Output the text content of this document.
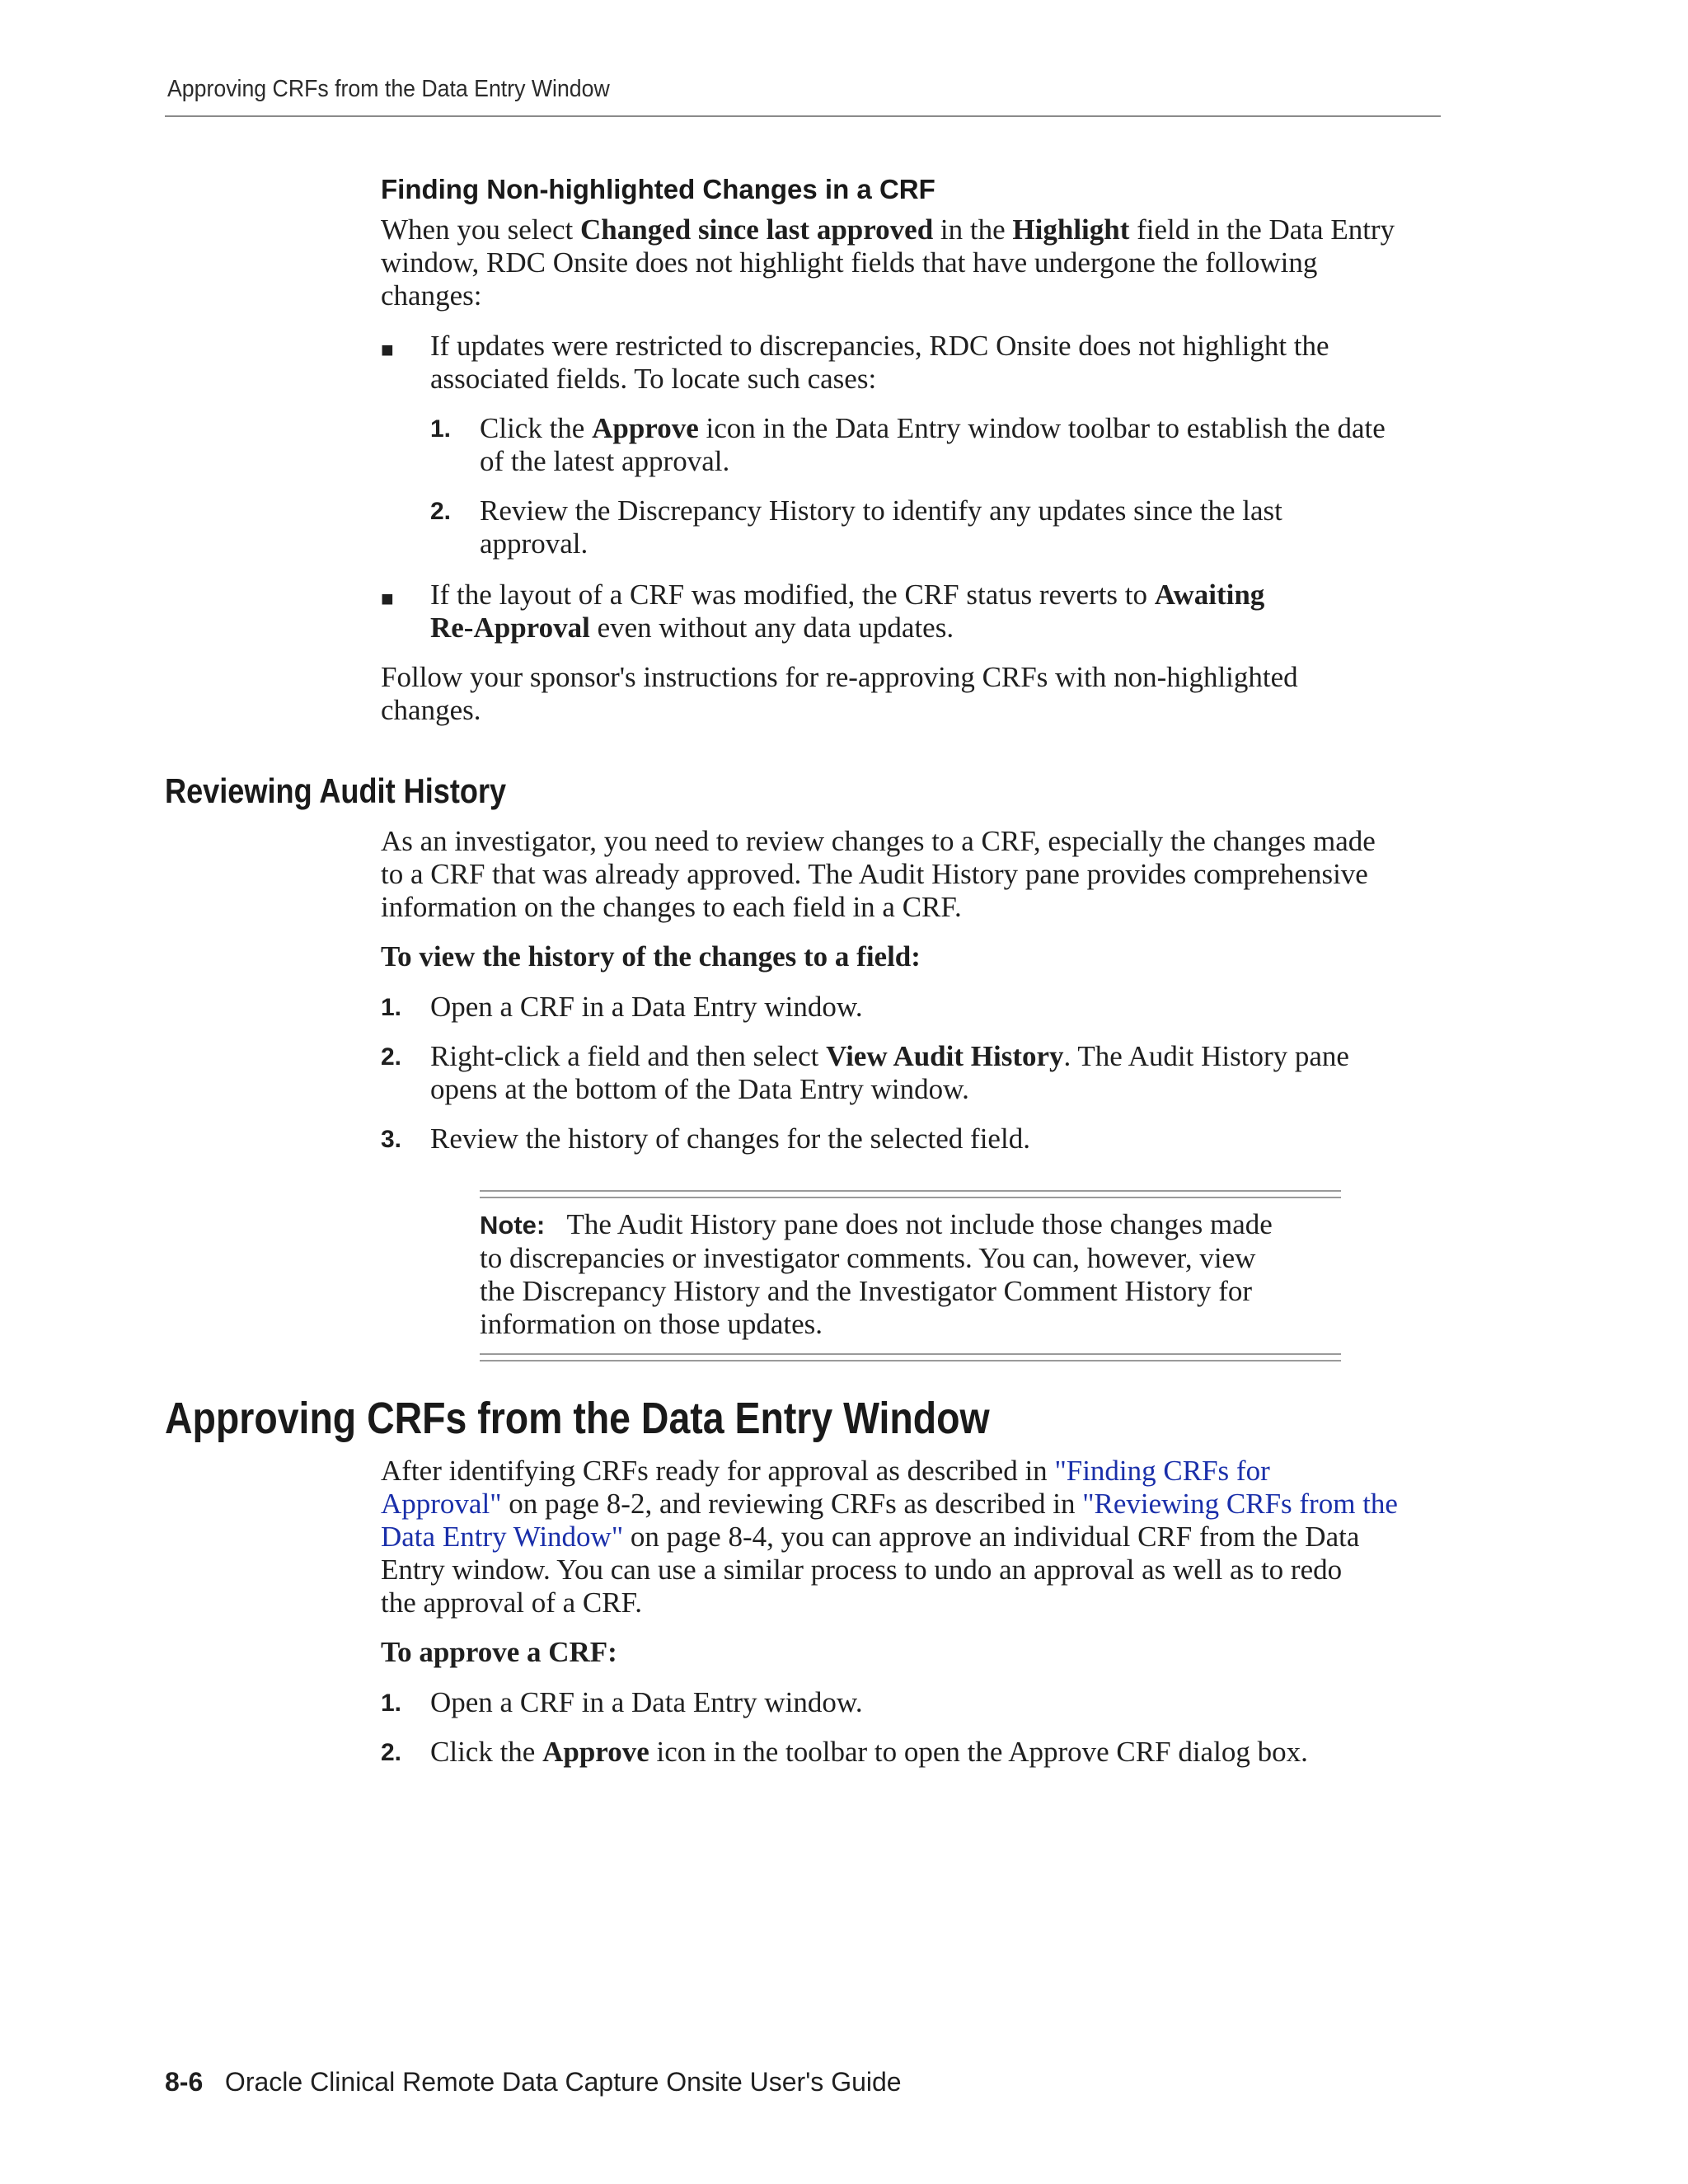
Approving CRFs from the Data Entry Window
Finding Non-highlighted Changes in a CRF
When you select Changed since last approved in the Highlight field in the Data Entry
window, RDC Onsite does not highlight fields that have undergone the following
changes:
■ If updates were restricted to discrepancies, RDC Onsite does not highlight the
associated fields. To locate such cases:
1. Click the Approve icon in the Data Entry window toolbar to establish the date
of the latest approval.
2. Review the Discrepancy History to identify any updates since the last
approval.
■ If the layout of a CRF was modified, the CRF status reverts to Awaiting
Re-Approval even without any data updates.
Follow your sponsor's instructions for re-approving CRFs with non-highlighted
changes.
Reviewing Audit History
As an investigator, you need to review changes to a CRF, especially the changes made
to a CRF that was already approved. The Audit History pane provides comprehensive
information on the changes to each field in a CRF.
To view the history of the changes to a field:
1. Open a CRF in a Data Entry window.
2. Right-click a field and then select View Audit History. The Audit History pane
opens at the bottom of the Data Entry window.
3. Review the history of changes for the selected field.
Note: The Audit History pane does not include those changes made
to discrepancies or investigator comments. You can, however, view
the Discrepancy History and the Investigator Comment History for
information on those updates.
Approving CRFs from the Data Entry Window
After identifying CRFs ready for approval as described in "Finding CRFs for
Approval" on page 8-2, and reviewing CRFs as described in "Reviewing CRFs from the
Data Entry Window" on page 8-4, you can approve an individual CRF from the Data
Entry window. You can use a similar process to undo an approval as well as to redo
the approval of a CRF.
To approve a CRF:
1. Open a CRF in a Data Entry window.
2. Click the Approve icon in the toolbar to open the Approve CRF dialog box.
8-6 Oracle Clinical Remote Data Capture Onsite User's Guide
